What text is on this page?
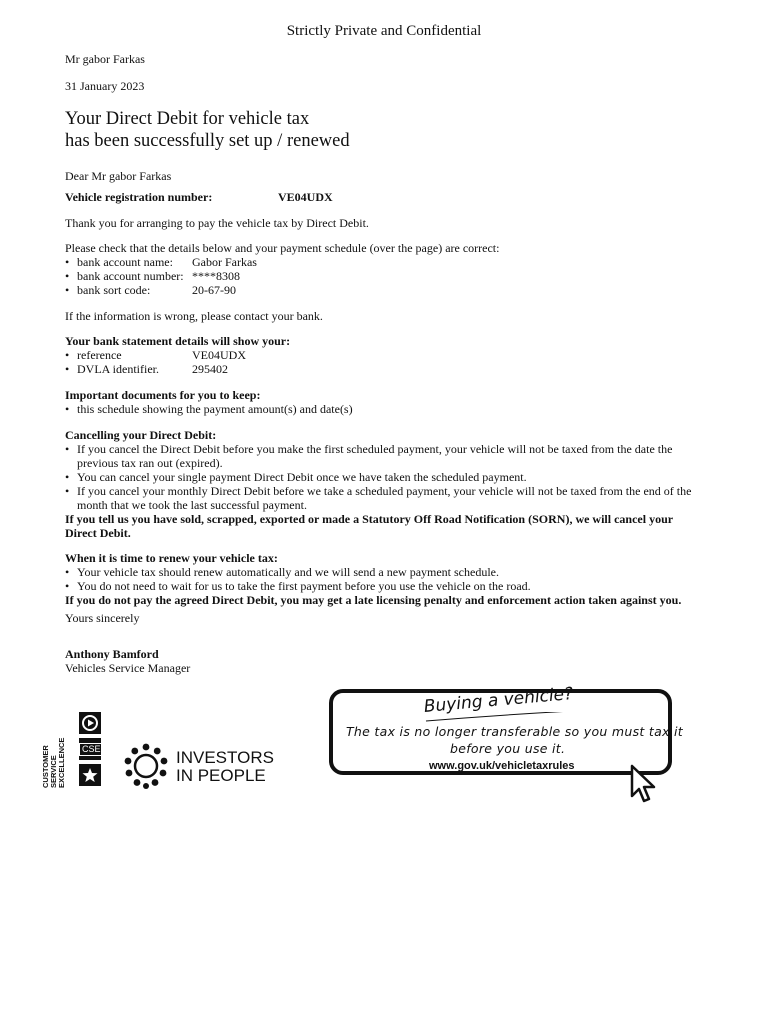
Strictly Private and Confidential
Mr gabor Farkas
31 January 2023
Your Direct Debit for vehicle tax
has been successfully set up / renewed
Dear Mr gabor Farkas
Vehicle registration number:	VE04UDX
Thank you for arranging to pay the vehicle tax by Direct Debit.
Please check that the details below and your payment schedule (over the page) are correct:
• bank account name: Gabor Farkas
• bank account number: ****8308
• bank sort code:	20-67-90
If the information is wrong, please contact your bank.
Your bank statement details will show your:
• reference	VE04UDX
• DVLA identifier.	295402
Important documents for you to keep:
• this schedule showing the payment amount(s) and date(s)
Cancelling your Direct Debit:
• If you cancel the Direct Debit before you make the first scheduled payment, your vehicle will not be taxed from the date the previous tax ran out (expired).
• You can cancel your single payment Direct Debit once we have taken the scheduled payment.
• If you cancel your monthly Direct Debit before we take a scheduled payment, your vehicle will not be taxed from the end of the month that we took the last successful payment.
If you tell us you have sold, scrapped, exported or made a Statutory Off Road Notification (SORN), we will cancel your Direct Debit.
When it is time to renew your vehicle tax:
• Your vehicle tax should renew automatically and we will send a new payment schedule.
• You do not need to wait for us to take the first payment before you use the vehicle on the road.
If you do not pay the agreed Direct Debit, you may get a late licensing penalty and enforcement action taken against you.
Yours sincerely
Anthony Bamford
Vehicles Service Manager
Buying a vehicle?
The tax is no longer transferable so you must tax it
before you use it.
www.gov.uk/vehicletaxrules
CUSTOMER SERVICE EXCELLENCE	CSE	INVESTORS
IN PEOPLE
